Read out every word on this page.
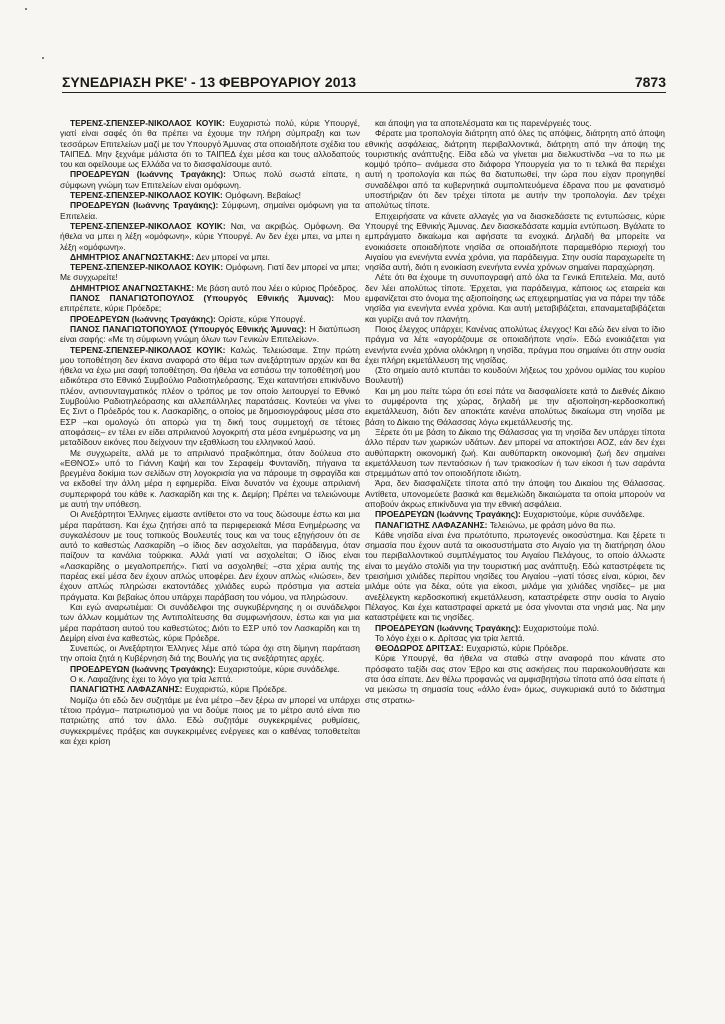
ΣΥΝΕΔΡΙΑΣΗ ΡΚΕ' - 13 ΦΕΒΡΟΥΑΡΙΟΥ 2013	7873

ΤΕΡΕΝΣ-ΣΠΕΝΣΕΡ-ΝΙΚΟΛΑΟΣ ΚΟΥΙΚ: Ευχαριστώ πολύ, κύριε Υπουργέ, γιατί είναι σαφές ότι θα πρέπει να έχουμε την πλήρη σύμπραξη και των τεσσάρων Επιτελείων μαζί με τον Υπουργό Άμυνας στα οποιαδήποτε σχέδια του ΤΑΙΠΕΔ. Μην ξεχνάμε μάλιστα ότι το ΤΑΙΠΕΔ έχει μέσα και τους αλλοδαπούς του και οφείλουμε ως Ελλάδα να το διασφαλίσουμε αυτό.

ΠΡΟΕΔΡΕΥΩΝ (Ιωάννης Τραγάκης): Όπως πολύ σωστά είπατε, η σύμφωνη γνώμη των Επιτελείων είναι ομόφωνη.

ΤΕΡΕΝΣ-ΣΠΕΝΣΕΡ-ΝΙΚΟΛΑΟΣ ΚΟΥΙΚ: Ομόφωνη. Βεβαίως!

ΠΡΟΕΔΡΕΥΩΝ (Ιωάννης Τραγάκης): Σύμφωνη, σημαίνει ομόφωνη για τα Επιτελεία.

ΤΕΡΕΝΣ-ΣΠΕΝΣΕΡ-ΝΙΚΟΛΑΟΣ ΚΟΥΙΚ: Ναι, να ακριβώς. Ομόφωνη. Θα ήθελα να μπει η λέξη «ομόφωνη», κύριε Υπουργέ. Αν δεν έχει μπει, να μπει η λέξη «ομόφωνη».

ΔΗΜΗΤΡΙΟΣ ΑΝΑΓΝΩΣΤΑΚΗΣ: Δεν μπορεί να μπει.

ΤΕΡΕΝΣ-ΣΠΕΝΣΕΡ-ΝΙΚΟΛΑΟΣ ΚΟΥΙΚ: Ομόφωνη. Γιατί δεν μπορεί να μπει; Με συγχωρείτε!

ΔΗΜΗΤΡΙΟΣ ΑΝΑΓΝΩΣΤΑΚΗΣ: Με βάση αυτό που λέει ο κύριος Πρόεδρος.

ΠΑΝΟΣ ΠΑΝΑΓΙΩΤΟΠΟΥΛΟΣ (Υπουργός Εθνικής Άμυνας): Μου επιτρέπετε, κύριε Πρόεδρε;

ΠΡΟΕΔΡΕΥΩΝ (Ιωάννης Τραγάκης): Ορίστε, κύριε Υπουργέ.

ΠΑΝΟΣ ΠΑΝΑΓΙΩΤΟΠΟΥΛΟΣ (Υπουργός Εθνικής Άμυνας): Η διατύπωση είναι σαφής: «Με τη σύμφωνη γνώμη όλων των Γενικών Επιτελείων».

ΤΕΡΕΝΣ-ΣΠΕΝΣΕΡ-ΝΙΚΟΛΑΟΣ ΚΟΥΙΚ: Καλώς. Τελειώσαμε. Στην πρώτη μου τοποθέτηση δεν έκανα αναφορά στο θέμα των ανεξάρτητων αρχών και θα ήθελα να έχω μια σαφή τοποθέτηση. Θα ήθελα να εστιάσω την τοποθέτησή μου ειδικότερα στο Εθνικό Συμβούλιο Ραδιοτηλεόρασης. Έχει καταντήσει επικίνδυνο πλέον, αντισυνταγματικός πλέον ο τρόπος με τον οποίο λειτουργεί το Εθνικό Συμβούλιο Ραδιοτηλεόρασης και αλλεπάλληλες παρατάσεις. Κοντεύει να γίνει Ες Σιντ ο Πρόεδρός του κ. Λασκαρίδης, ο οποίος με δημοσιογράφους μέσα στο ΕΣΡ –και ομολογώ ότι απορώ για τη δική τους συμμετοχή σε τέτοιες αποφάσεις– εν τέλει εν είδει απριλιανού λογοκριτή στα μέσα ενημέρωσης να μη μεταδίδουν εικόνες που δείχνουν την εξαθλίωση του ελληνικού λαού.

Με συγχωρείτε, αλλά με το απριλιανό πραξικόπημα, όταν δούλευα στο «ΕΘΝΟΣ» υπό το Γιάννη Καψή και τον Σεραφείμ Φυντανίδη, πήγαινα τα βρεγμένα δοκίμια των σελίδων στη λογοκρισία για να πάρουμε τη σφραγίδα και να εκδοθεί την άλλη μέρα η εφημερίδα. Είναι δυνατόν να έχουμε απριλιανή συμπεριφορά του κάθε κ. Λασκαρίδη και της κ. Δεμίρη; Πρέπει να τελειώνουμε με αυτή την υπόθεση.

Οι Ανεξάρτητοι Έλληνες είμαστε αντίθετοι στο να τους δώσουμε έστω και μια μέρα παράταση. Και έχω ζητήσει από τα περιφερειακά Μέσα Ενημέρωσης να συγκαλέσουν με τους τοπικούς Βουλευτές τους και να τους εξηγήσουν ότι σε αυτό το καθεστώς Λασκαρίδη –ο ίδιος δεν ασχολείται, για παράδειγμα, όταν παίζουν τα κανάλια τούρκικα. Αλλά γιατί να ασχολείται; Ο ίδιος είναι «Λασκαρίδης ο μεγαλοπρεπής». Γιατί να ασχοληθεί; –στα χέρια αυτής της παρέας εκεί μέσα δεν έχουν απλώς υποφέρει. Δεν έχουν απλώς «λιώσει», δεν έχουν απλώς πληρώσει εκατοντάδες χιλιάδες ευρώ πρόστιμα για αστεία πράγματα. Και βεβαίως όπου υπάρχει παράβαση του νόμου, να πληρώσουν.

Και εγώ αναρωτιέμαι: Οι συνάδελφοι της συγκυβέρνησης η οι συνάδελφοι των άλλων κομμάτων της Αντιπολίτευσης θα συμφωνήσουν, έστω και για μια μέρα παράταση αυτού του καθεστώτος; Διότι το ΕΣΡ υπό τον Λασκαρίδη και τη Δεμίρη είναι ένα καθεστώς, κύριε Πρόεδρε.

Συνεπώς, οι Ανεξάρτητοι Έλληνες λέμε από τώρα όχι στη δίμηνη παράταση την οποία ζητά η Κυβέρνηση διά της Βουλής για τις ανεξάρτητες αρχές.

ΠΡΟΕΔΡΕΥΩΝ (Ιωάννης Τραγάκης): Ευχαριστούμε, κύριε συνάδελφε.

Ο κ. Λαφαζάνης έχει το λόγο για τρία λεπτά.

ΠΑΝΑΓΙΩΤΗΣ ΛΑΦΑΖΑΝΗΣ: Ευχαριστώ, κύριε Πρόεδρε.

Νομίζω ότι εδώ δεν συζητάμε με ένα μέτρο –δεν ξέρω αν μπορεί να υπάρχει τέτοιο πράγμα– πατριωτισμού για να δούμε ποιος με το μέτρο αυτό είναι πιο πατριώτης από τον άλλο. Εδώ συζητάμε συγκεκριμένες ρυθμίσεις, συγκεκριμένες πράξεις και συγκεκριμένες ενέργειες και ο καθένας τοποθετείται και έχει κρίση

και άποψη για τα αποτελέσματα και τις παρενέργειές τους.

Φέρατε μια τροπολογία διάτρητη από όλες τις απόψεις, διάτρητη από άποψη εθνικής ασφάλειας, διάτρητη περιβαλλοντικά, διάτρητη από την άποψη της τουριστικής ανάπτυξης. Είδα εδώ να γίνεται μια διελκυστίνδα –να το πω με κομψό τρόπο– ανάμεσα στο διάφορα Υπουργεία για το τι τελικά θα περιέχει αυτή η τροπολογία και πώς θα διατυπωθεί, την ώρα που είχαν προηγηθεί συναδέλφοι από τα κυβερνητικά συμπολιτευόμενα έδρανα που με φανατισμό υποστήριζαν ότι δεν τρέχει τίποτα με αυτήν την τροπολογία. Δεν τρέχει απολύτως τίποτε.

Επιχειρήσατε να κάνετε αλλαγές για να διασκεδάσετε τις εντυπώσεις, κύριε Υπουργέ της Εθνικής Άμυνας. Δεν διασκεδάσατε καμμία εντύπωση. Βγάλατε το εμπράγματο δικαίωμα και αφήσατε τα ενοχικά. Δηλαδή θα μπορείτε να ενοικιάσετε οποιαδήποτε νησίδα σε οποιαδήποτε παραμεθόριο περιοχή του Αιγαίου για ενενήντα εννέα χρόνια, για παράδειγμα. Στην ουσία παραχωρείτε τη νησίδα αυτή, διότι η ενοικίαση ενενήντα εννέα χρόνων σημαίνει παραχώρηση.

Λέτε ότι θα έχουμε τη συνυπογραφή από όλα τα Γενικά Επιτελεία. Μα, αυτό δεν λέει απολύτως τίποτε. Έρχεται, για παράδειγμα, κάποιος ως εταιρεία και εμφανίζεται στο όνομα της αξιοποίησης ως επιχειρηματίας για να πάρει την τάδε νησίδα για ενενήντα εννέα χρόνια. Και αυτή μεταβιβάζεται, επαναμεταβιβάζεται και γυρίζει ανά τον πλανήτη.

Ποιος έλεγχος υπάρχει; Κανένας απολύτως έλεγχος! Και εδώ δεν είναι το ίδιο πράγμα να λέτε «αγοράζουμε σε οποιαδήποτε νησί». Εδώ ενοικιάζεται για ενενήντα εννέα χρόνια ολόκληρη η νησίδα, πράγμα που σημαίνει ότι στην ουσία έχει πλήρη εκμετάλλευση της νησίδας.

(Στο σημείο αυτό κτυπάει το κουδούνι λήξεως του χρόνου ομιλίας του κυρίου Βουλευτή)

Και μη μου πείτε τώρα ότι εσεί πάτε να διασφαλίσετε κατά το Διεθνές Δίκαιο το συμφέροντα της χώρας, δηλαδή με την αξιοποίηση-κερδοσκοπική εκμετάλλευση, διότι δεν αποκτάτε κανένα απολύτως δικαίωμα στη νησίδα με βάση το Δίκαιο της Θάλασσας λόγω εκμετάλλευσής της.

Ξέρετε ότι με βάση το Δίκαιο της Θάλασσας για τη νησίδα δεν υπάρχει τίποτα άλλο πέραν των χωρικών υδάτων. Δεν μπορεί να αποκτήσει ΑΟΖ, εάν δεν έχει αυθύπαρκτη οικονομική ζωή. Και αυθύπαρκτη οικονομική ζωή δεν σημαίνει εκμετάλλευση των πενταόσιων ή των τριακοσίων ή των είκοσι ή των σαράντα στρεμμάτων από τον οποιοδήποτε ιδιώτη.

Άρα, δεν διασφαλίζετε τίποτα από την άποψη του Δικαίου της Θάλασσας. Αντίθετα, υπονομεύετε βασικά και θεμελιώδη δικαιώματα τα οποία μπορούν να αποβούν άκρως επικίνδυνα για την εθνική ασφάλεια.

ΠΡΟΕΔΡΕΥΩΝ (Ιωάννης Τραγάκης): Ευχαριστούμε, κύριε συνάδελφε.

ΠΑΝΑΓΙΩΤΗΣ ΛΑΦΑΖΑΝΗΣ: Τελειώνω, με φράση μόνο θα πω.

Κάθε νησίδα είναι ένα πρωτότυπο, πρωτογενές οικοσύστημα. Και ξέρετε τι σημασία που έχουν αυτά τα οικοσυστήματα στο Αιγαίο για τη διατήρηση όλου του περιβαλλοντικού συμπλέγματος του Αιγαίου Πελάγους, το οποίο άλλωστε είναι το μεγάλο στολίδι για την τουριστική μας ανάπτυξη. Εδώ καταστρέφετε τις τρεισήμισι χιλιάδες περίπου νησίδες του Αιγαίου –γιατί τόσες είναι, κύριοι, δεν μιλάμε ούτε για δέκα, ούτε για είκοσι, μιλάμε για χιλιάδες νησίδες– με μια ανεξέλεγκτη κερδοσκοπική εκμετάλλευση, καταστρέφετε στην ουσία το Αιγαίο Πέλαγος. Και έχει καταστραφεί αρκετά με όσα γίνονται στα νησιά μας. Να μην καταστρέψετε και τις νησίδες.

ΠΡΟΕΔΡΕΥΩΝ (Ιωάννης Τραγάκης): Ευχαριστούμε πολύ.

Το λόγο έχει ο κ. Δρίτσας για τρία λεπτά.

ΘΕΟΔΩΡΟΣ ΔΡΙΤΣΑΣ: Ευχαριστώ, κύριε Πρόεδρε.

Κύριε Υπουργέ, θα ήθελα να σταθώ στην αναφορά που κάνατε στο πρόσφατο ταξίδι σας στον Έβρο και στις ασκήσεις που παρακολουθήσατε και στα όσα είπατε. Δεν θέλω προφανώς να αμφισβητήσω τίποτα από όσα είπατε ή να μειώσω τη σημασία τους «άλλο ένα» όμως, συγκυριακά αυτό το διάστημα στις στρατιω-
